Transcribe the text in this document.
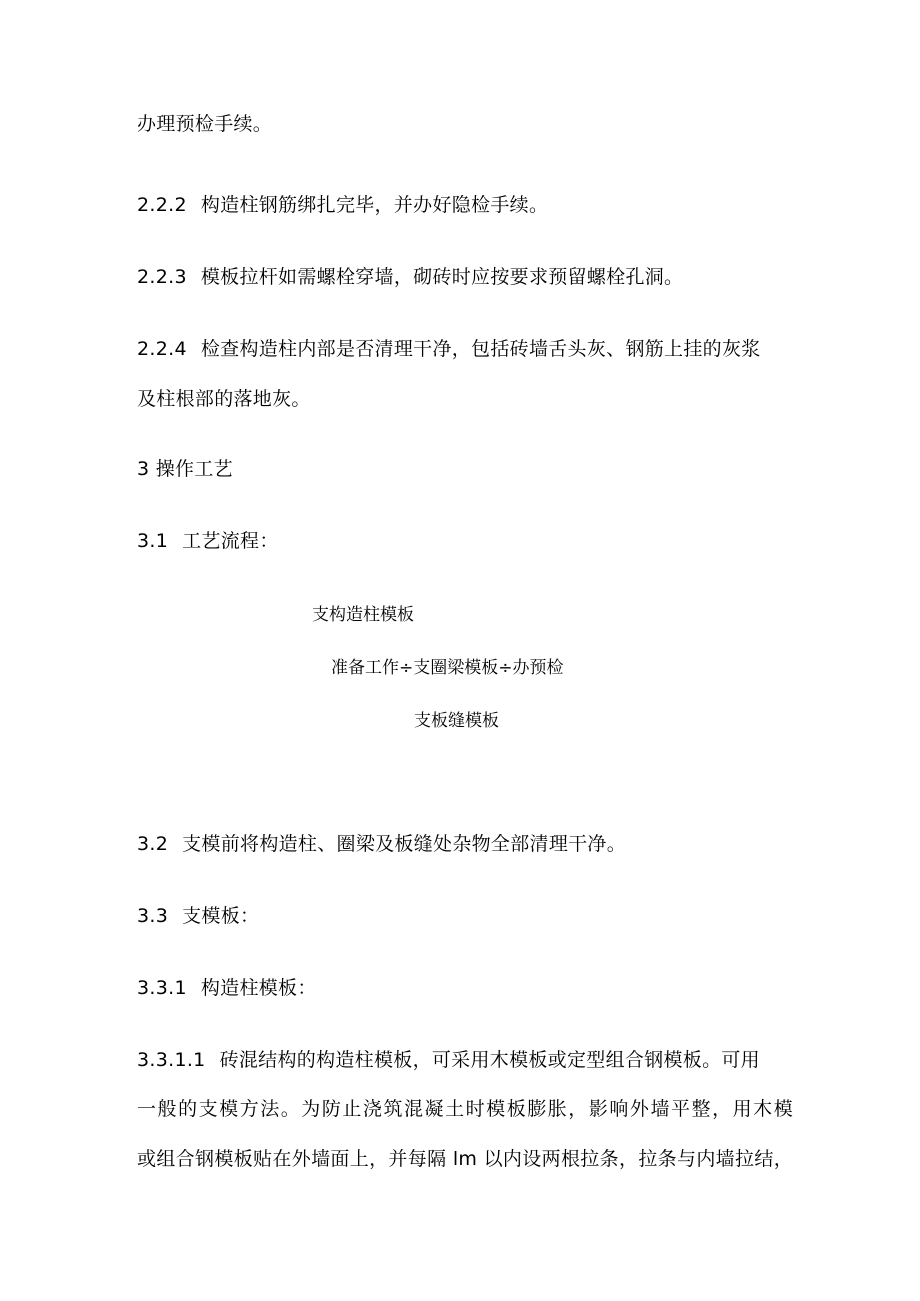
办理预检手续。
2.2.2 构造柱钢筋绑扎完毕，并办好隐检手续。
2.2.3 模板拉杆如需螺栓穿墙，砌砖时应按要求预留螺栓孔洞。
2.2.4 检查构造柱内部是否清理干净，包括砖墙舌头灰、钢筋上挂的灰浆
及柱根部的落地灰。
3 操作工艺
3.1 工艺流程：
支构造柱模板
准备工作÷支圈梁模板÷办预检
支板缝模板
3.2 支模前将构造柱、圈梁及板缝处杂物全部清理干净。
3.3 支模板：
3.3.1 构造柱模板：
3.3.1.1 砖混结构的构造柱模板，可采用木模板或定型组合钢模板。可用
一般的支模方法。为防止浇筑混凝土时模板膨胀，影响外墙平整，用木模
或组合钢模板贴在外墙面上，并每隔 lm 以内设两根拉条，拉条与内墙拉结，
